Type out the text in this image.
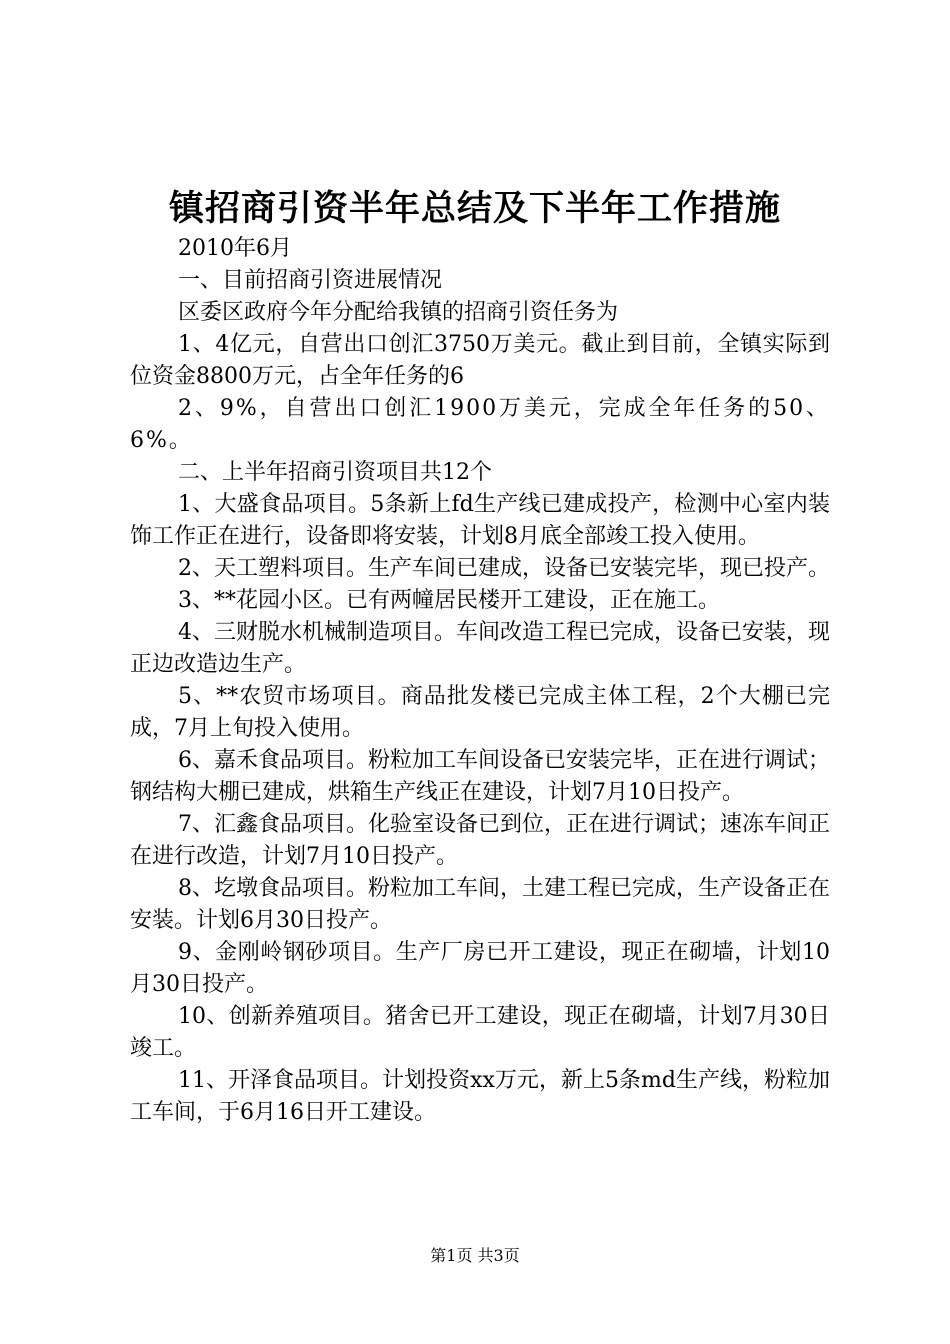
镇招商引资半年总结及下半年工作措施

2010年6月

一、目前招商引资进展情况

区委区政府今年分配给我镇的招商引资任务为

1、4亿元，自营出口创汇3750万美元。截止到目前，全镇实际到位资金8800万元，占全年任务的6

2、9%，自营出口创汇1900万美元，完成全年任务的50、6%。

二、上半年招商引资项目共12个

1、大盛食品项目。5条新上fd生产线已建成投产，检测中心室内装饰工作正在进行，设备即将安装，计划8月底全部竣工投入使用。

2、天工塑料项目。生产车间已建成，设备已安装完毕，现已投产。

3、**花园小区。已有两幢居民楼开工建设，正在施工。

4、三财脱水机械制造项目。车间改造工程已完成，设备已安装，现正边改造边生产。

5、**农贸市场项目。商品批发楼已完成主体工程，2个大棚已完成，7月上旬投入使用。

6、嘉禾食品项目。粉粒加工车间设备已安装完毕，正在进行调试；钢结构大棚已建成，烘箱生产线正在建设，计划7月10日投产。

7、汇鑫食品项目。化验室设备已到位，正在进行调试；速冻车间正在进行改造，计划7月10日投产。

8、圪墩食品项目。粉粒加工车间，土建工程已完成，生产设备正在安装。计划6月30日投产。

9、金刚岭钢砂项目。生产厂房已开工建设，现正在砌墙，计划10月30日投产。

10、创新养殖项目。猪舍已开工建设，现正在砌墙，计划7月30日竣工。

11、开泽食品项目。计划投资xx万元，新上5条md生产线，粉粒加工车间，于6月16日开工建设。

第1页 共3页
